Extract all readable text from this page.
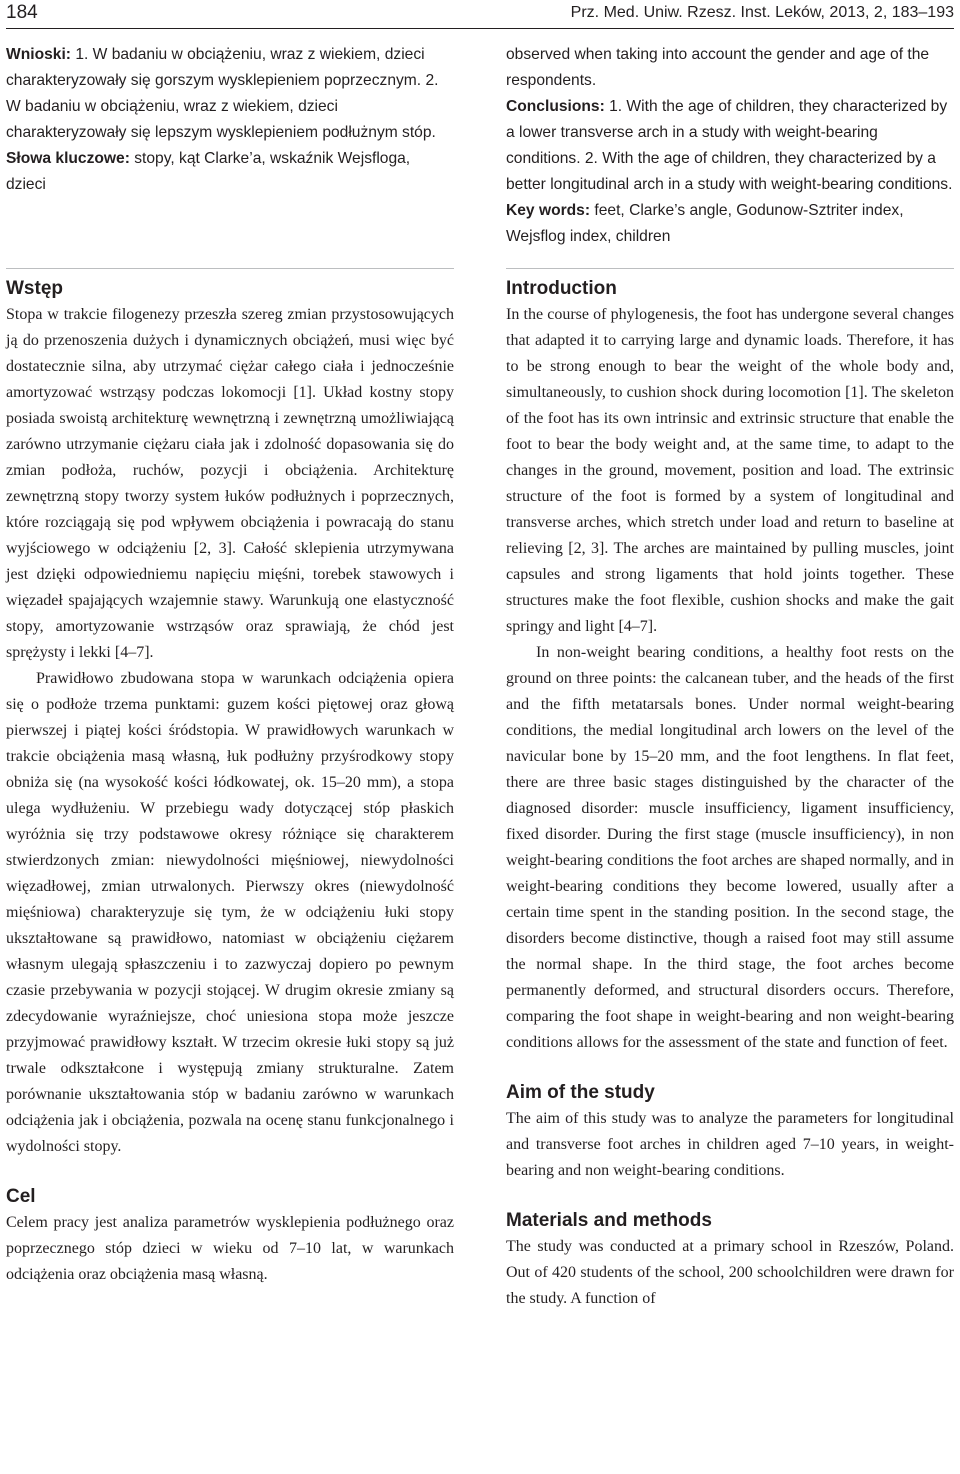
184	Prz. Med. Uniw. Rzesz. Inst. Leków, 2013, 2, 183–193

Wnioski: 1. W badaniu w obciążeniu, wraz z wiekiem, dzieci charakteryzowały się gorszym wysklepieniem poprzecznym. 2. W badaniu w obciążeniu, wraz z wiekiem, dzieci charakteryzowały się lepszym wysklepieniem podłużnym stóp.

Słowa kluczowe: stopy, kąt Clarke’a, wskaźnik Wejsfloga, dzieci

observed when taking into account the gender and age of the respondents.

Conclusions: 1. With the age of children, they characterized by a lower transverse arch in a study with weight-bearing conditions. 2. With the age of children, they characterized by a better longitudinal arch in a study with weight-bearing conditions.

Key words: feet, Clarke’s angle, Godunow-Sztriter index, Wejsflog index, children

Wstęp

Stopa w trakcie filogenezy przeszła szereg zmian przystosowujących ją do przenoszenia dużych i dynamicznych obciążeń, musi więc być dostatecznie silna, aby utrzymać ciężar całego ciała i jednocześnie amortyzować wstrząsy podczas lokomocji [1]. Układ kostny stopy posiada swoistą architekturę wewnętrzną i zewnętrzną umożliwiającą zarówno utrzymanie ciężaru ciała jak i zdolność dopasowania się do zmian podłoża, ruchów, pozycji i obciążenia. Architekturę zewnętrzną stopy tworzy system łuków podłużnych i poprzecznych, które rozciągają się pod wpływem obciążenia i powracają do stanu wyjściowego w odciążeniu [2, 3]. Całość sklepienia utrzymywana jest dzięki odpowiedniemu napięciu mięśni, torebek stawowych i więzadeł spajających wzajemnie stawy. Warunkują one elastyczność stopy, amortyzowanie wstrząsów oraz sprawiają, że chód jest sprężysty i lekki [4–7].

Prawidłowo zbudowana stopa w warunkach odciążenia opiera się o podłoże trzema punktami: guzem kości piętowej oraz głową pierwszej i piątej kości śródstopia. W prawidłowych warunkach w trakcie obciążenia masą własną, łuk podłużny przyśrodkowy stopy obniża się (na wysokość kości łódkowatej, ok. 15–20 mm), a stopa ulega wydłużeniu. W przebiegu wady dotyczącej stóp płaskich wyróżnia się trzy podstawowe okresy różniące się charakterem stwierdzonych zmian: niewydolności mięśniowej, niewydolności więzadłowej, zmian utrwalonych. Pierwszy okres (niewydolność mięśniowa) charakteryzuje się tym, że w odciążeniu łuki stopy ukształtowane są prawidłowo, natomiast w obciążeniu ciężarem własnym ulegają spłaszczeniu i to zazwyczaj dopiero po pewnym czasie przebywania w pozycji stojącej. W drugim okresie zmiany są zdecydowanie wyraźniejsze, choć uniesiona stopa może jeszcze przyjmować prawidłowy kształt. W trzecim okresie łuki stopy są już trwale odkształcone i występują zmiany strukturalne. Zatem porównanie ukształtowania stóp w badaniu zarówno w warunkach odciążenia jak i obciążenia, pozwala na ocenę stanu funkcjonalnego i wydolności stopy.

Cel

Celem pracy jest analiza parametrów wysklepienia podłużnego oraz poprzecznego stóp dzieci w wieku od 7–10 lat, w warunkach odciążenia oraz obciążenia masą własną.

Introduction

In the course of phylogenesis, the foot has undergone several changes that adapted it to carrying large and dynamic loads. Therefore, it has to be strong enough to bear the weight of the whole body and, simultaneously, to cushion shock during locomotion [1]. The skeleton of the foot has its own intrinsic and extrinsic structure that enable the foot to bear the body weight and, at the same time, to adapt to the changes in the ground, movement, position and load. The extrinsic structure of the foot is formed by a system of longitudinal and transverse arches, which stretch under load and return to baseline at relieving [2, 3]. The arches are maintained by pulling muscles, joint capsules and strong ligaments that hold joints together. These structures make the foot flexible, cushion shocks and make the gait springy and light [4–7].

In non-weight bearing conditions, a healthy foot rests on the ground on three points: the calcanean tuber, and the heads of the first and the fifth metatarsals bones. Under normal weight-bearing conditions, the medial longitudinal arch lowers on the level of the navicular bone by 15–20 mm, and the foot lengthens. In flat feet, there are three basic stages distinguished by the character of the diagnosed disorder: muscle insufficiency, ligament insufficiency, fixed disorder. During the first stage (muscle insufficiency), in non weight-bearing conditions the foot arches are shaped normally, and in weight-bearing conditions they become lowered, usually after a certain time spent in the standing position. In the second stage, the disorders become distinctive, though a raised foot may still assume the normal shape. In the third stage, the foot arches become permanently deformed, and structural disorders occurs. Therefore, comparing the foot shape in weight-bearing and non weight-bearing conditions allows for the assessment of the state and function of feet.

Aim of the study

The aim of this study was to analyze the parameters for longitudinal and transverse foot arches in children aged 7–10 years, in weight-bearing and non weight-bearing conditions.

Materials and methods

The study was conducted at a primary school in Rzeszów, Poland. Out of 420 students of the school, 200 schoolchildren were drawn for the study. A function of
